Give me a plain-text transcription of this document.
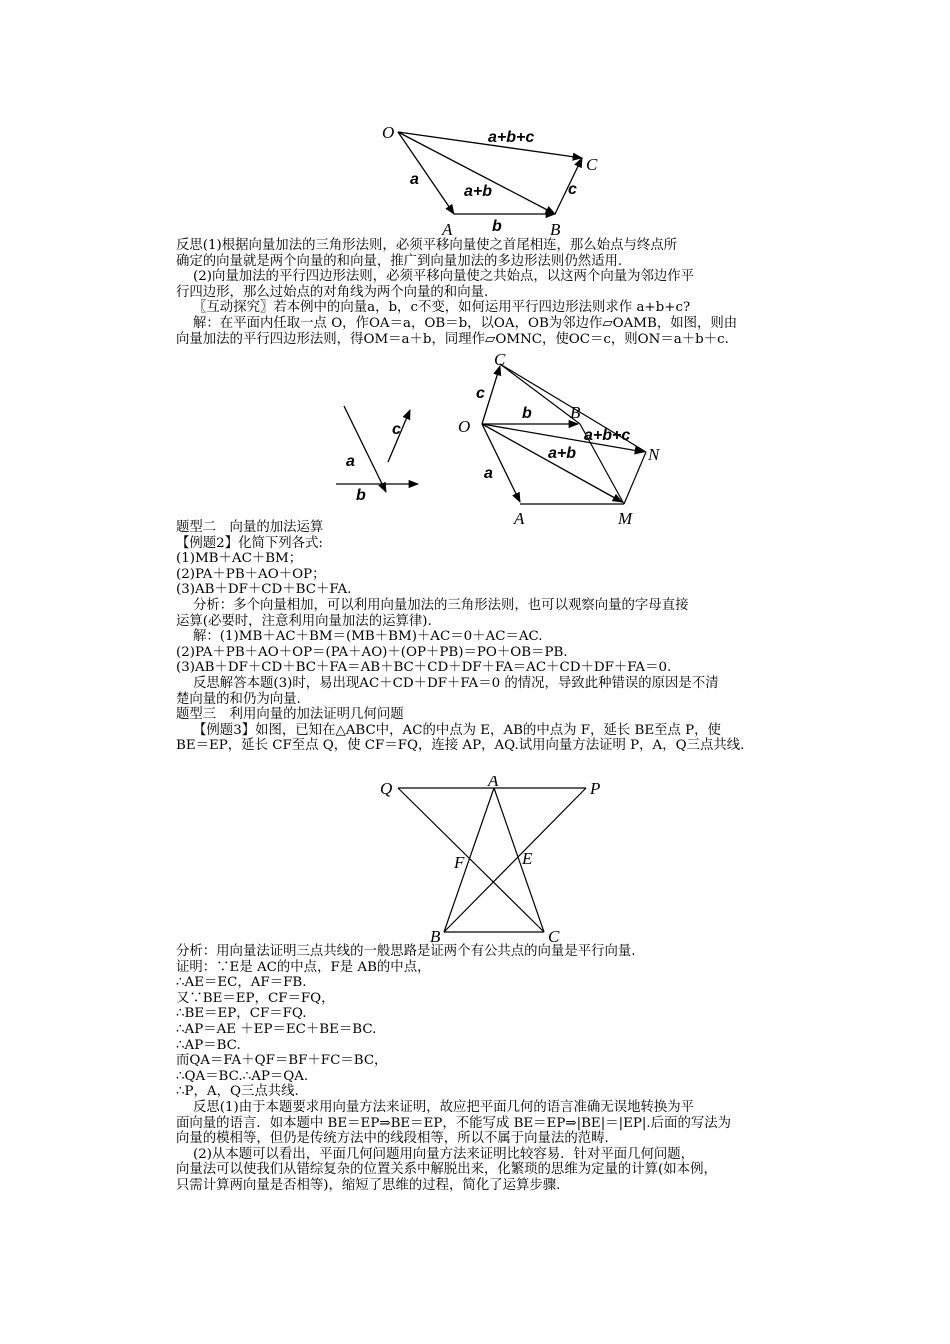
O
A	B
C
a+b+c
a+b
a
b
c

反思(1)根据向量加法的三角形法则，必须平移向量使之首尾相连，那么始点与终点所

确定的向量就是两个向量的和向量，推广到向量加法的多边形法则仍然适用.

(2)向量加法的平行四边形法则，必须平移向量使之共始点，以这两个向量为邻边作平

行四边形，那么过始点的对角线为两个向量的和向量.

〖互动探究〗若本例中的向量a，b，c不变，如何运用平行四边形法则求作 a+b+c?

解：在平面内任取一点 O，作OA＝a，OB＝b，以OA，OB为邻边作▱OAMB，如图，则由

向量加法的平行四边形法则，得OM＝a＋b，同理作▱OMNC，使OC＝c，则ON＝a＋b＋c.

a
b
c
C
B
O
N
A	M
c
b
a+b+c
a+b
a

题型二　向量的加法运算

【例题2】化简下列各式:

(1)MB＋AC＋BM；

(2)PA＋PB＋AO＋OP；

(3)AB＋DF＋CD＋BC＋FA.

分析：多个向量相加，可以利用向量加法的三角形法则，也可以观察向量的字母直接

运算(必要时，注意利用向量加法的运算律).

解：(1)MB＋AC＋BM＝(MB＋BM)＋AC＝0＋AC＝AC.

(2)PA＋PB＋AO＋OP＝(PA＋AO)＋(OP＋PB)＝PO＋OB＝PB.

(3)AB＋DF＋CD＋BC＋FA＝AB＋BC＋CD＋DF＋FA＝AC＋CD＋DF＋FA＝0.

反思解答本题(3)时，易出现AC＋CD＋DF＋FA＝0 的情况，导致此种错误的原因是不清

楚向量的和仍为向量.

题型三　利用向量的加法证明几何问题

【例题3】如图，已知在△ABC中，AC的中点为 E，AB的中点为 F，延长 BE至点 P，使

BE＝EP，延长 CF至点 Q，使 CF＝FQ，连接 AP，AQ.试用向量方法证明 P，A，Q三点共线.

Q	A	P
F	E
B	C

分析：用向量法证明三点共线的一般思路是证两个有公共点的向量是平行向量.

证明：∵E是 AC的中点，F是 AB的中点，

∴AE＝EC，AF＝FB.

又∵BE＝EP，CF＝FQ，

∴BE＝EP，CF＝FQ.

∴AP＝AE ＋EP＝EC＋BE＝BC.

∴AP＝BC.

而QA＝FA＋QF＝BF＋FC＝BC，

∴QA＝BC.∴AP＝QA.

∴P，A，Q三点共线.

反思(1)由于本题要求用向量方法来证明，故应把平面几何的语言准确无误地转换为平

面向量的语言．如本题中 BE＝EP⇒BE＝EP，不能写成 BE＝EP⇒|BE|＝|EP|.后面的写法为

向量的模相等，但仍是传统方法中的线段相等，所以不属于向量法的范畴.

(2)从本题可以看出，平面几何问题用向量方法来证明比较容易．针对平面几何问题，

向量法可以使我们从错综复杂的位置关系中解脱出来，化繁琐的思维为定量的计算(如本例，

只需计算两向量是否相等)，缩短了思维的过程，简化了运算步骤.
